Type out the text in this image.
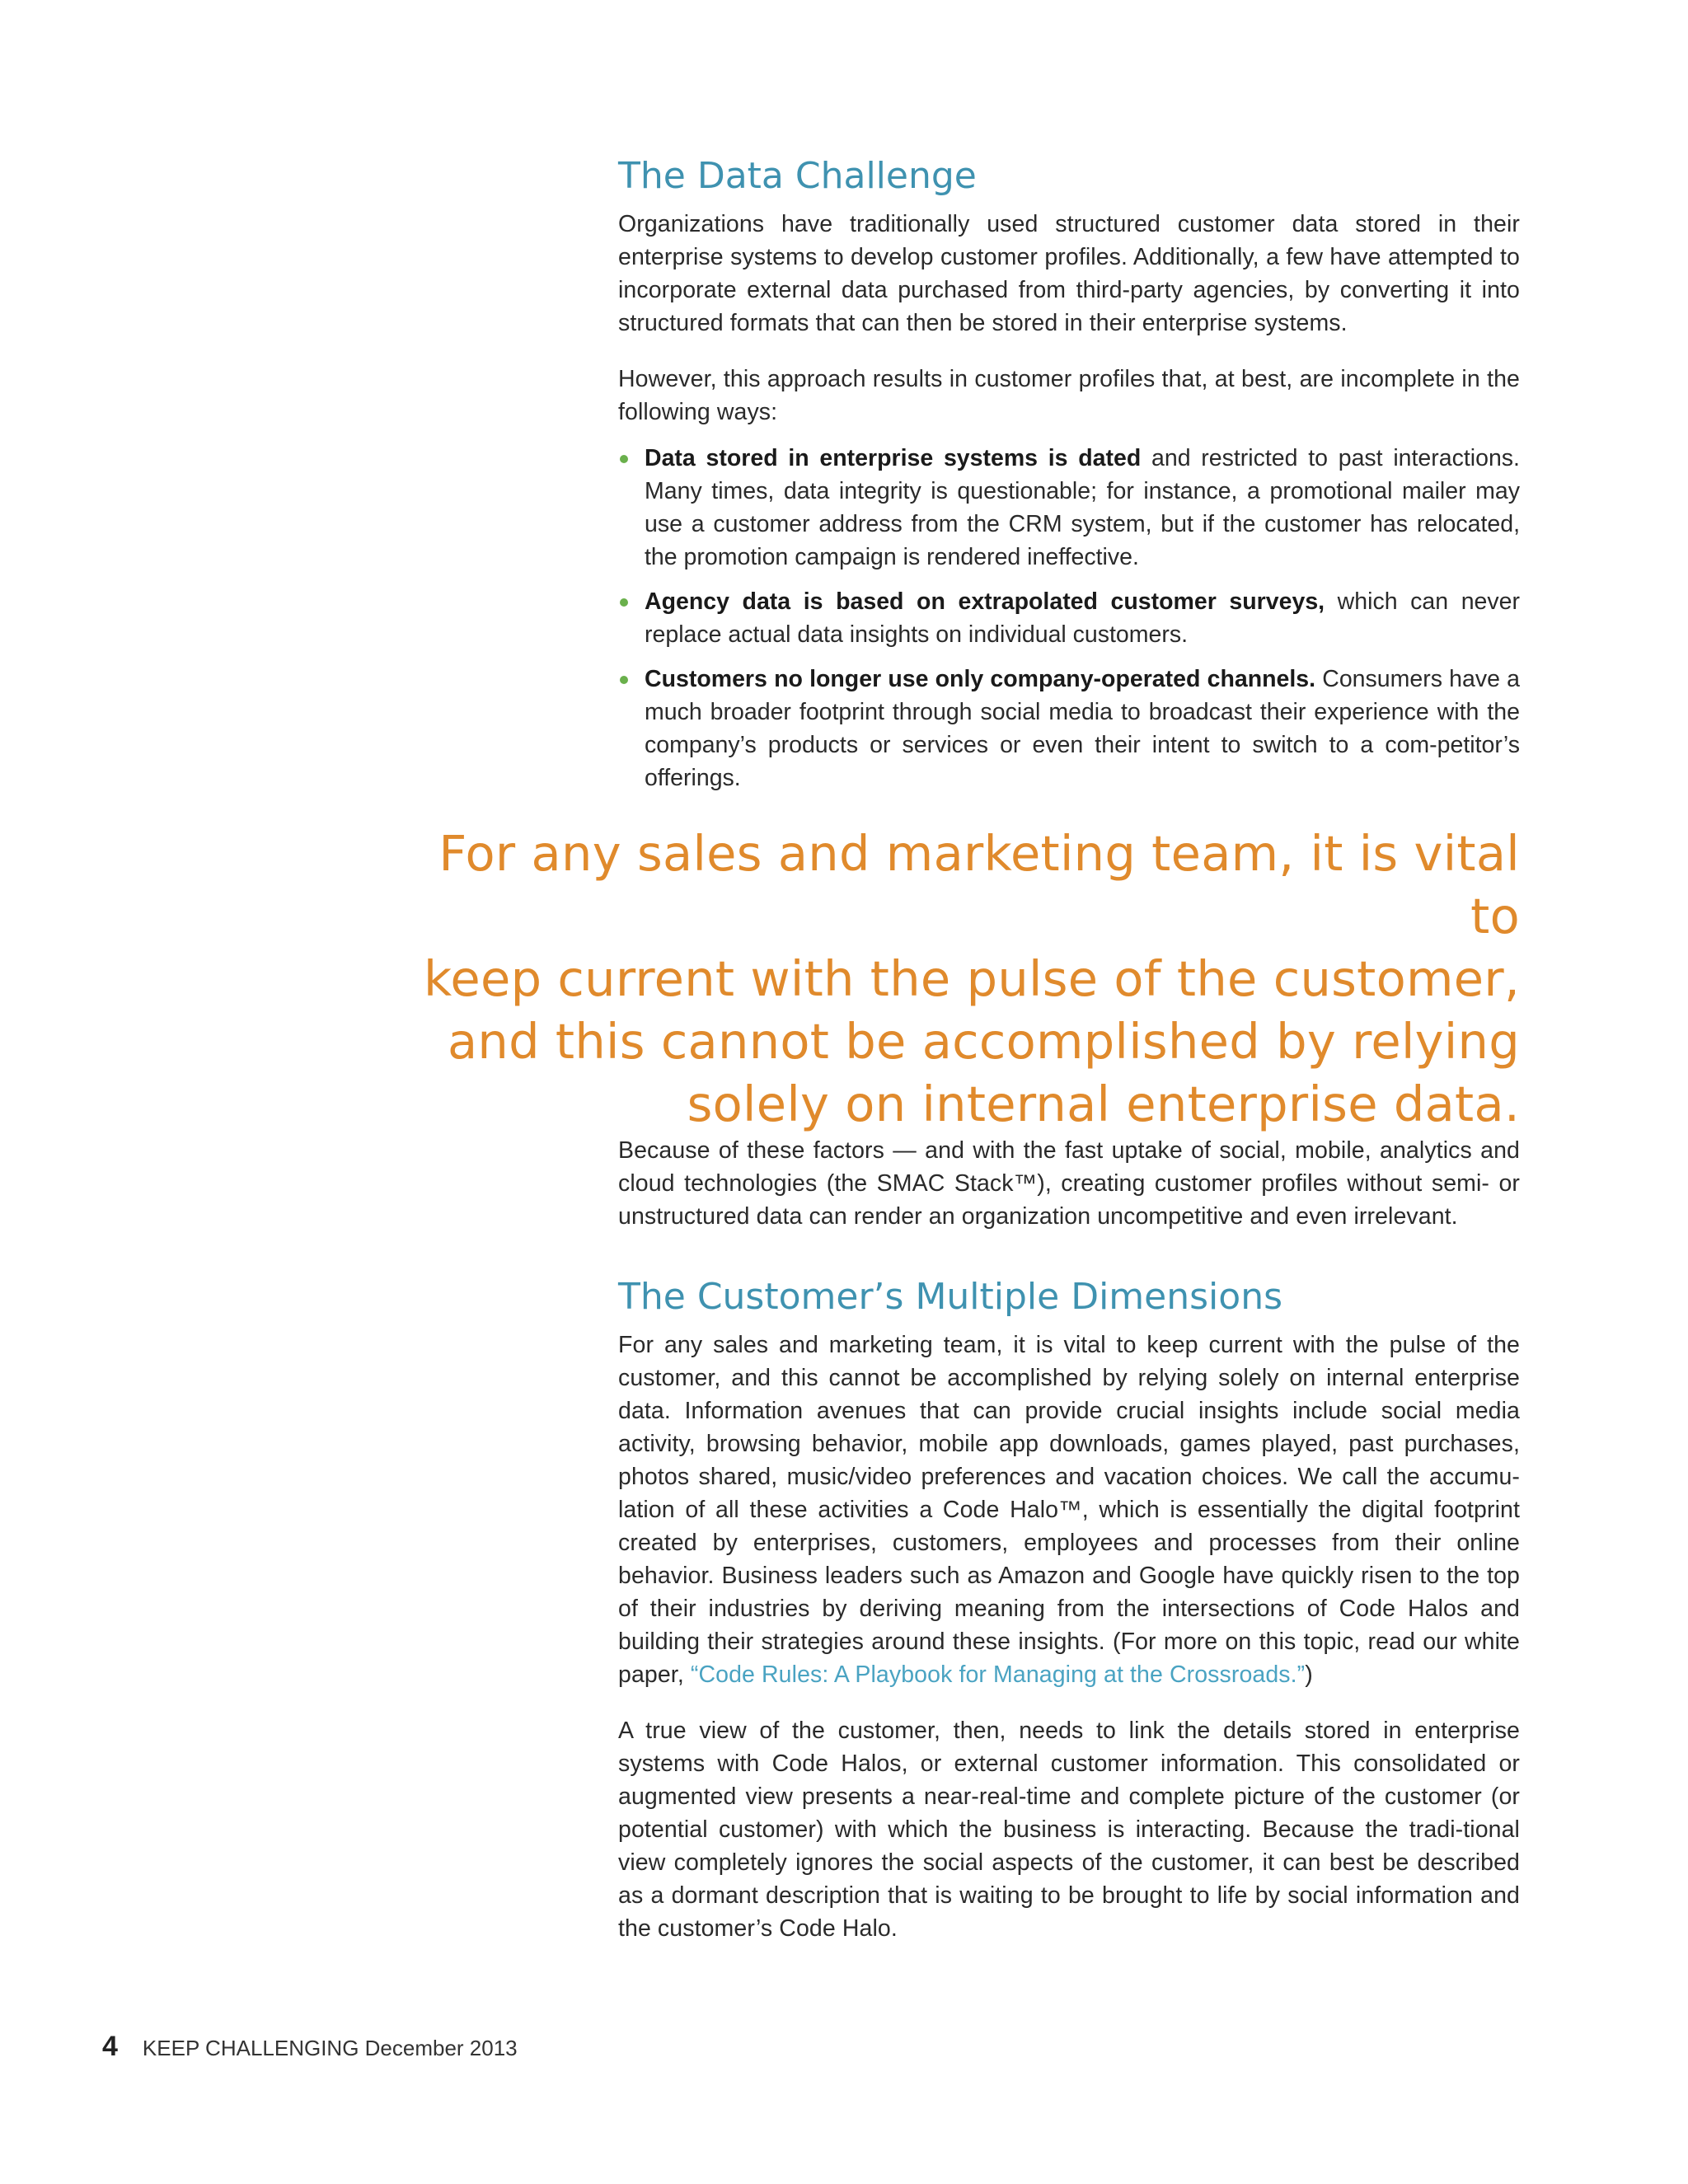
The Data Challenge

Organizations have traditionally used structured customer data stored in their enterprise systems to develop customer profiles. Additionally, a few have attempted to incorporate external data purchased from third-party agencies, by converting it into structured formats that can then be stored in their enterprise systems.

However, this approach results in customer profiles that, at best, are incomplete in the following ways:

Data stored in enterprise systems is dated and restricted to past interactions. Many times, data integrity is questionable; for instance, a promotional mailer may use a customer address from the CRM system, but if the customer has relocated, the promotion campaign is rendered ineffective.
Agency data is based on extrapolated customer surveys, which can never replace actual data insights on individual customers.
Customers no longer use only company-operated channels. Consumers have a much broader footprint through social media to broadcast their experience with the company’s products or services or even their intent to switch to a com-petitor’s offerings.
For any sales and marketing team, it is vital to
keep current with the pulse of the customer,
and this cannot be accomplished by relying
solely on internal enterprise data.

Because of these factors — and with the fast uptake of social, mobile, analytics and cloud technologies (the SMAC Stack™), creating customer profiles without semi- or unstructured data can render an organization uncompetitive and even irrelevant.

The Customer’s Multiple Dimensions

For any sales and marketing team, it is vital to keep current with the pulse of the customer, and this cannot be accomplished by relying solely on internal enterprise data. Information avenues that can provide crucial insights include social media activity, browsing behavior, mobile app downloads, games played, past purchases, photos shared, music/video preferences and vacation choices. We call the accumu-lation of all these activities a Code Halo™, which is essentially the digital footprint created by enterprises, customers, employees and processes from their online behavior. Business leaders such as Amazon and Google have quickly risen to the top of their industries by deriving meaning from the intersections of Code Halos and building their strategies around these insights. (For more on this topic, read our white paper, “Code Rules: A Playbook for Managing at the Crossroads.”)

A true view of the customer, then, needs to link the details stored in enterprise systems with Code Halos, or external customer information. This consolidated or augmented view presents a near-real-time and complete picture of the customer (or potential customer) with which the business is interacting. Because the tradi-tional view completely ignores the social aspects of the customer, it can best be described as a dormant description that is waiting to be brought to life by social information and the customer’s Code Halo.

4 KEEP CHALLENGING December 2013
